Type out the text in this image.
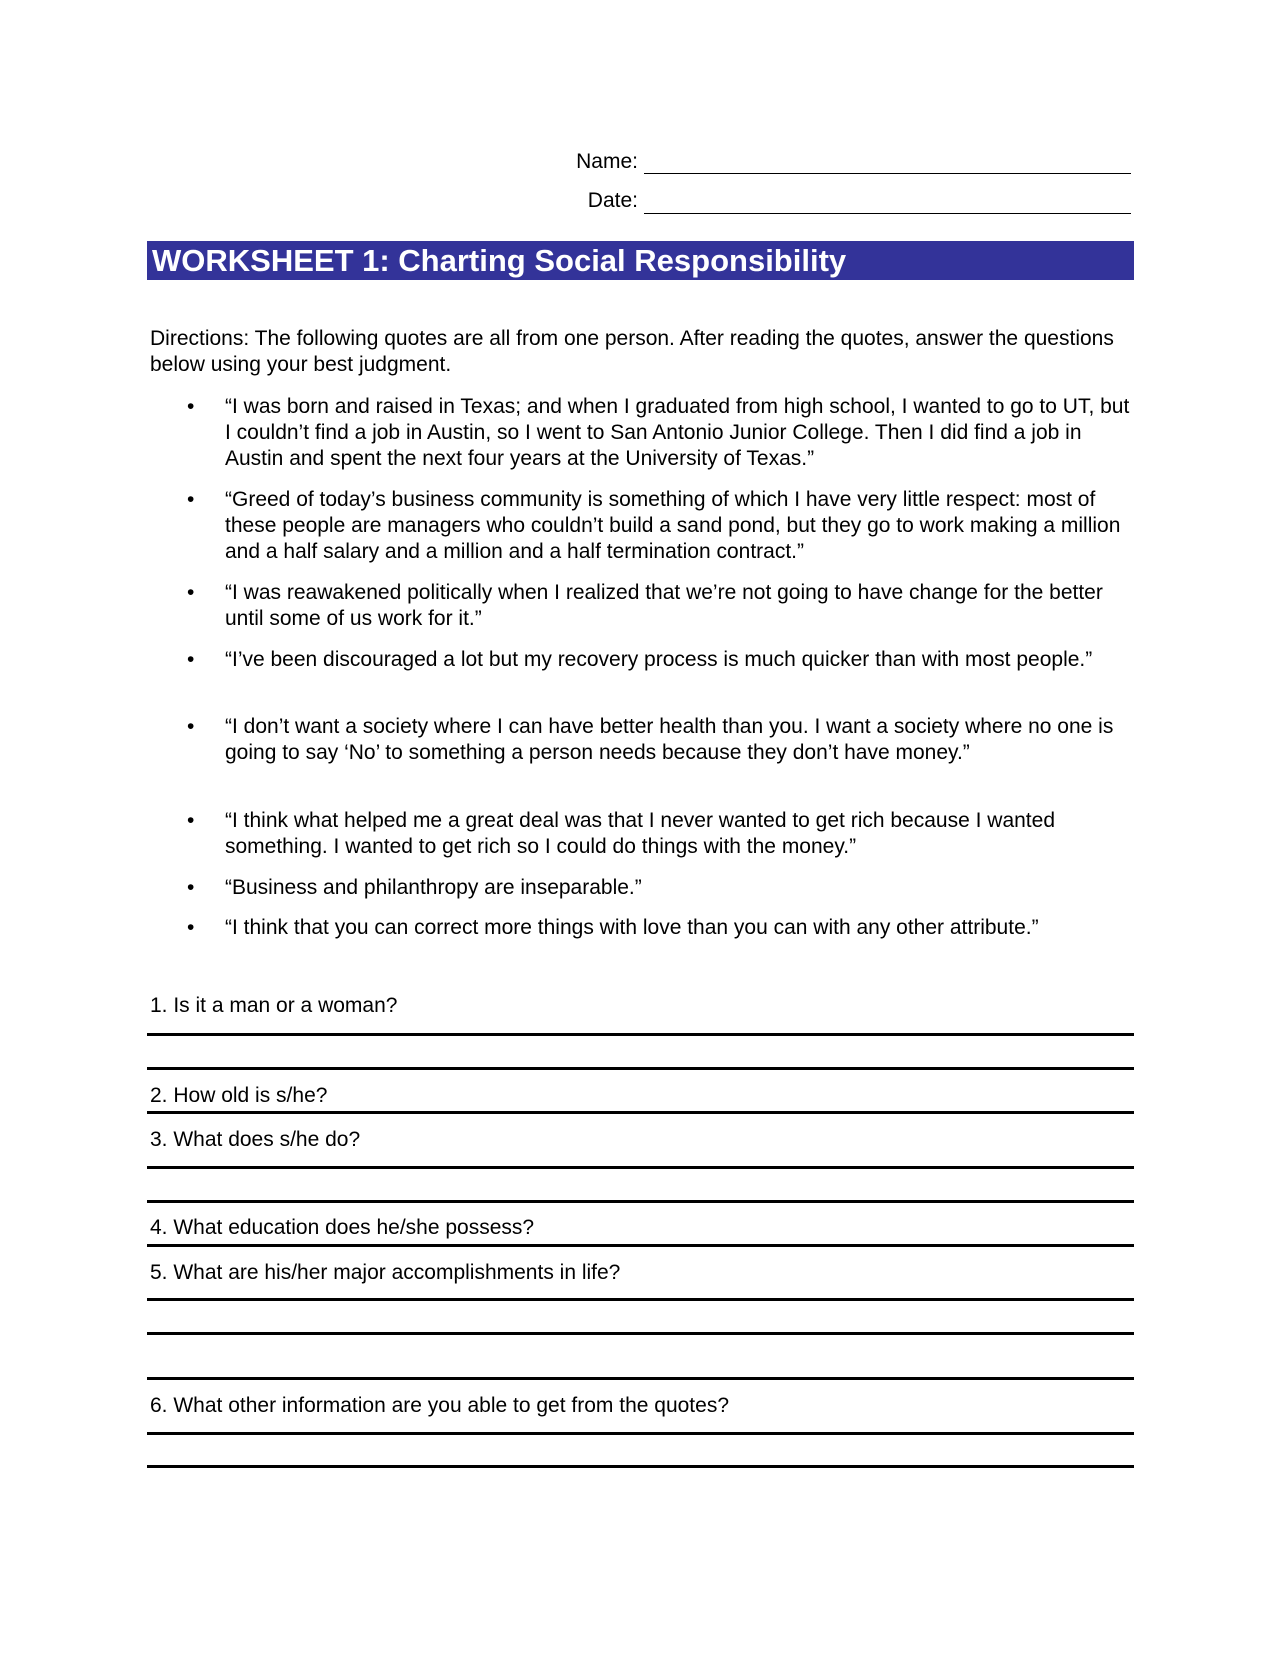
Name:
Date:
WORKSHEET 1: Charting Social Responsibility
Directions: The following quotes are all from one person. After reading the quotes, answer the questions below using your best judgment.
• “I was born and raised in Texas; and when I graduated from high school, I wanted to go to UT, but I couldn’t find a job in Austin, so I went to San Antonio Junior College. Then I did find a job in Austin and spent the next four years at the University of Texas.”
• “Greed of today’s business community is something of which I have very little respect: most of these people are managers who couldn’t build a sand pond, but they go to work making a million and a half salary and a million and a half termination contract.”
• “I was reawakened politically when I realized that we’re not going to have change for the better until some of us work for it.”
• “I’ve been discouraged a lot but my recovery process is much quicker than with most people.”
• “I don’t want a society where I can have better health than you. I want a society where no one is going to say ‘No’ to something a person needs because they don’t have money.”
• “I think what helped me a great deal was that I never wanted to get rich because I wanted something. I wanted to get rich so I could do things with the money.”
• “Business and philanthropy are inseparable.”
• “I think that you can correct more things with love than you can with any other attribute.”
1. Is it a man or a woman?
2. How old is s/he?
3. What does s/he do?
4. What education does he/she possess?
5. What are his/her major accomplishments in life?
6. What other information are you able to get from the quotes?
